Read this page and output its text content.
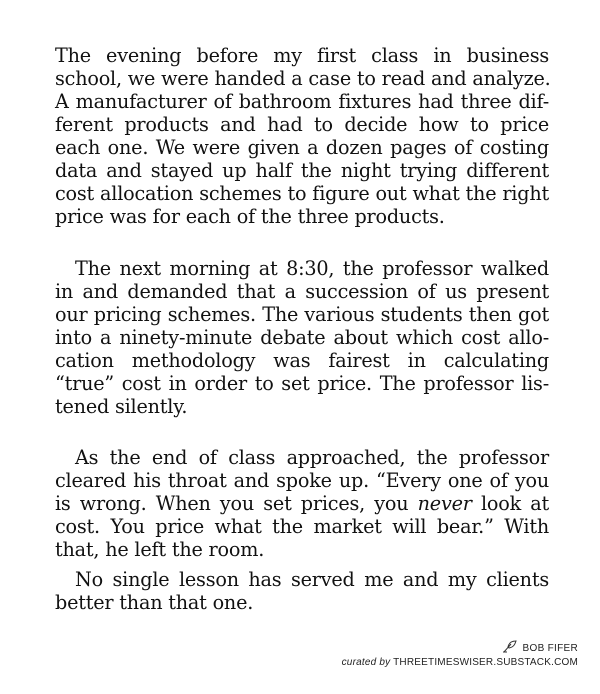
The evening before my first class in business
school, we were handed a case to read and analyze.
A manufacturer of bathroom fixtures had three dif-
ferent products and had to decide how to price
each one. We were given a dozen pages of costing
data and stayed up half the night trying different
cost allocation schemes to figure out what the right
price was for each of the three products.

The next morning at 8:30, the professor walked
in and demanded that a succession of us present
our pricing schemes. The various students then got
into a ninety-minute debate about which cost allo-
cation methodology was fairest in calculating
“true” cost in order to set price. The professor lis-
tened silently.

As the end of class approached, the professor
cleared his throat and spoke up. “Every one of you
is wrong. When you set prices, you never look at
cost. You price what the market will bear.” With
that, he left the room.

No single lesson has served me and my clients
better than that one.

BOB FIFER
curated by THREETIMESWISER.SUBSTACK.COM
